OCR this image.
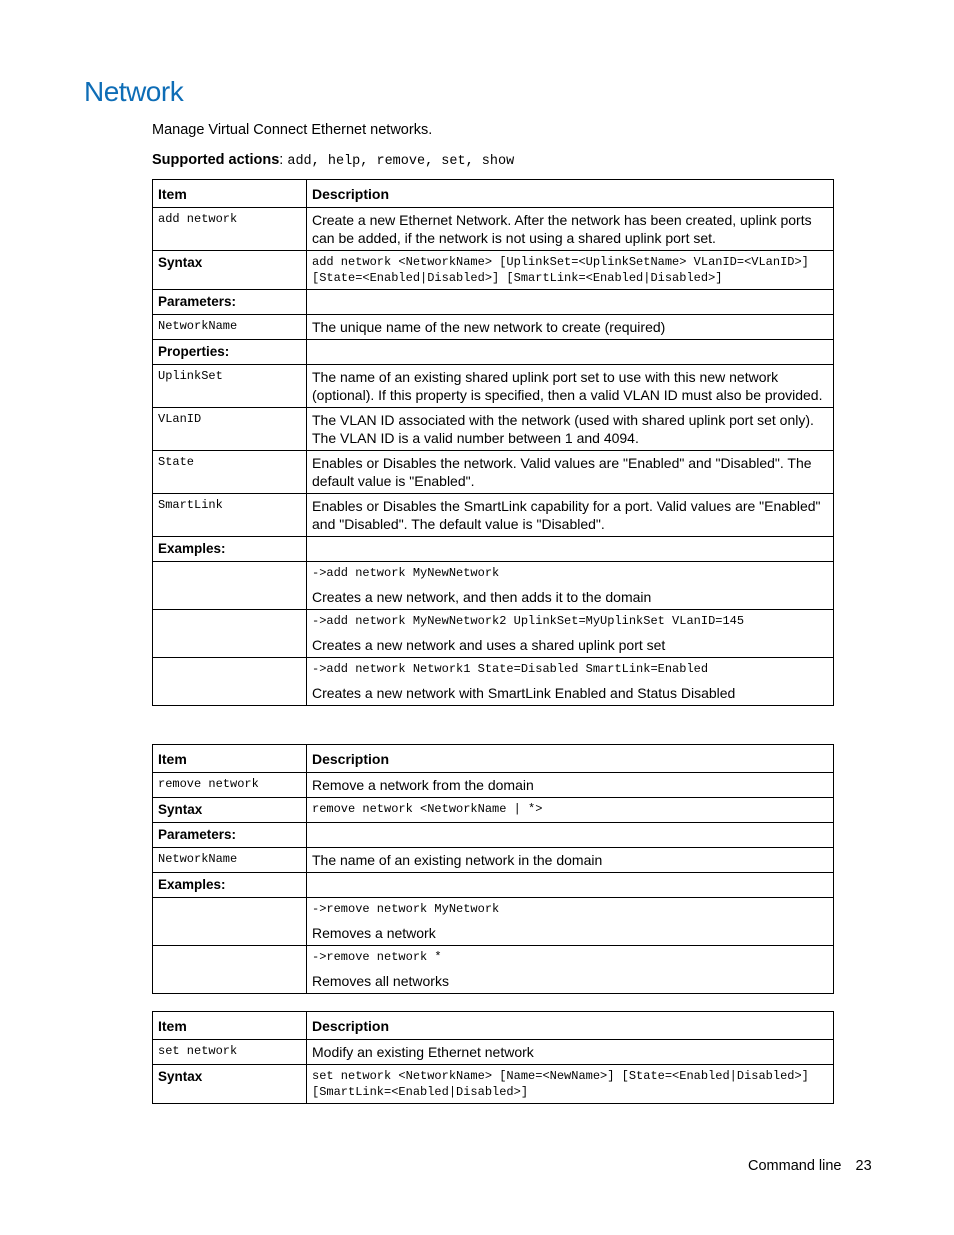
Network
Manage Virtual Connect Ethernet networks.
Supported actions: add, help, remove, set, show
Item	Description
add network	Create a new Ethernet Network. After the network has been created, uplink ports can be added, if the network is not using a shared uplink port set.
Syntax	add network <NetworkName> [UplinkSet=<UplinkSetName> VLanID=<VLanID>] [State=<Enabled|Disabled>] [SmartLink=<Enabled|Disabled>]
Parameters:	
NetworkName	The unique name of the new network to create (required)
Properties:	
UplinkSet	The name of an existing shared uplink port set to use with this new network (optional). If this property is specified, then a valid VLAN ID must also be provided.
VLanID	The VLAN ID associated with the network (used with shared uplink port set only). The VLAN ID is a valid number between 1 and 4094.
State	Enables or Disables the network. Valid values are "Enabled" and "Disabled". The default value is "Enabled".
SmartLink	Enables or Disables the SmartLink capability for a port. Valid values are "Enabled" and "Disabled". The default value is "Disabled".
Examples:	

	->add network MyNewNetwork
Creates a new network, and then adds it to the domain

	->add network MyNewNetwork2 UplinkSet=MyUplinkSet VLanID=145
Creates a new network and uses a shared uplink port set

	->add network Network1 State=Disabled SmartLink=Enabled
Creates a new network with SmartLink Enabled and Status Disabled
Item	Description
remove network	Remove a network from the domain
Syntax	remove network <NetworkName | *>
Parameters:	
NetworkName	The name of an existing network in the domain
Examples:	

	->remove network MyNetwork
Removes a network

	->remove network *
Removes all networks
Item	Description
set network	Modify an existing Ethernet network
Syntax	set network <NetworkName> [Name=<NewName>] [State=<Enabled|Disabled>] [SmartLink=<Enabled|Disabled>]
Command line 23
